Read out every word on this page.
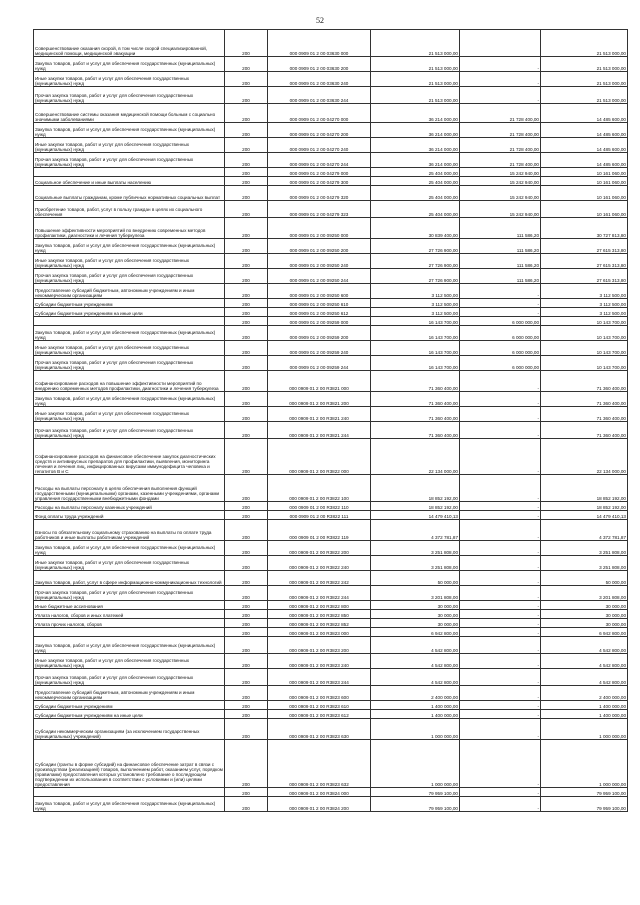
52
Совершенствование оказания скорой, в том числе скорой специализированной, медицинской помощи, медицинской эвакуации	200	000 0909 01 2 00 03630 000	21 513 000,00		21 513 000,00
Закупка товаров, работ и услуг для обеспечения государственных (муниципальных) нужд	200	000 0909 01 2 00 03630 200	21 513 000,00	-	21 513 000,00
Иные закупки товаров, работ и услуг для обеспечения государственных (муниципальных) нужд	200	000 0909 01 2 00 03630 240	21 513 000,00	-	21 513 000,00
Прочая закупка товаров, работ и услуг для обеспечения государственных (муниципальных) нужд	200	000 0909 01 2 00 03630 244	21 513 000,00	-	21 513 000,00
Совершенствование системы оказания медицинской помощи больным с социально значимыми заболеваниями	200	000 0909 01 2 00 04270 000	36 214 000,00	21 728 400,00	14 485 600,00
Закупка товаров, работ и услуг для обеспечения государственных (муниципальных) нужд	200	000 0909 01 2 00 04270 200	36 214 000,00	21 728 400,00	14 485 600,00
Иные закупки товаров, работ и услуг для обеспечения государственных (муниципальных) нужд	200	000 0909 01 2 00 04270 240	36 214 000,00	21 728 400,00	14 485 600,00
Прочая закупка товаров, работ и услуг для обеспечения государственных (муниципальных) нужд	200	000 0909 01 2 00 04270 244	36 214 000,00	21 728 400,00	14 485 600,00
	200	000 0909 01 2 00 04279 000	25 404 000,00	15 242 940,00	10 161 060,00
Социальное обеспечение и иные выплаты населению	200	000 0909 01 2 00 04279 300	25 404 000,00	15 242 940,00	10 161 060,00
Социальные выплаты гражданам, кроме публичных нормативных социальных выплат	200	000 0909 01 2 00 04279 320	25 404 000,00	15 242 940,00	10 161 060,00
Приобретение товаров, работ, услуг в пользу граждан в целях их социального обеспечения	200	000 0909 01 2 00 04279 323	25 404 000,00	15 242 940,00	10 161 060,00
Повышение эффективности мероприятий по внедрению современных методов профилактики, диагностики и лечения туберкулеза	200	000 0909 01 2 00 09250 000	30 839 400,00	111 586,20	30 727 813,80
Закупка товаров, работ и услуг для обеспечения государственных (муниципальных) нужд	200	000 0909 01 2 00 09250 200	27 726 900,00	111 586,20	27 615 313,80
Иные закупки товаров, работ и услуг для обеспечения государственных (муниципальных) нужд	200	000 0909 01 2 00 09250 240	27 726 900,00	111 586,20	27 615 313,80
Прочая закупка товаров, работ и услуг для обеспечения государственных (муниципальных) нужд	200	000 0909 01 2 00 09250 244	27 726 900,00	111 586,20	27 615 313,80
Предоставление субсидий бюджетным, автономным учреждениям и иным некоммерческим организациям	200	000 0909 01 2 00 09250 600	3 112 500,00	-	3 112 500,00
Субсидии бюджетным учреждениям	200	000 0909 01 2 00 09250 610	3 112 500,00	-	3 112 500,00
Субсидии бюджетным учреждениям на иные цели	200	000 0909 01 2 00 09250 612	3 112 500,00	-	3 112 500,00
	200	000 0909 01 2 00 09259 000	16 143 700,00	6 000 000,00	10 143 700,00
Закупка товаров, работ и услуг для обеспечения государственных (муниципальных) нужд	200	000 0909 01 2 00 09259 200	16 143 700,00	6 000 000,00	10 143 700,00
Иные закупки товаров, работ и услуг для обеспечения государственных (муниципальных) нужд	200	000 0909 01 2 00 09259 240	16 143 700,00	6 000 000,00	10 143 700,00
Прочая закупка товаров, работ и услуг для обеспечения государственных (муниципальных) нужд	200	000 0909 01 2 00 09259 244	16 143 700,00	6 000 000,00	10 143 700,00
Софинансирование расходов на повышение эффективности мероприятий по внедрению современных методов профилактики, диагностики и лечения туберкулеза	200	000 0909 01 2 00 R3821 000	71 360 400,00	-	71 360 400,00
Закупка товаров, работ и услуг для обеспечения государственных (муниципальных) нужд	200	000 0909 01 2 00 R3821 200	71 360 400,00	-	71 360 400,00
Иные закупки товаров, работ и услуг для обеспечения государственных (муниципальных) нужд	200	000 0909 01 2 00 R3821 240	71 360 400,00	-	71 360 400,00
Прочая закупка товаров, работ и услуг для обеспечения государственных (муниципальных) нужд	200	000 0909 01 2 00 R3821 244	71 360 400,00	-	71 360 400,00
Софинансирование расходов на финансовое обеспечение закупок диагностических средств и антивирусных препаратов для профилактики, выявления, мониторинга лечения и лечения лиц, инфицированных вирусами иммунодефицита человека и гепатитов В и С	200	000 0909 01 2 00 R3822 000	22 134 000,00	-	22 134 000,00
Расходы на выплаты персоналу в целях обеспечения выполнения функций государственными (муниципальными) органами, казенными учреждениями, органами управления государственными внебюджетными фондами	200	000 0909 01 2 00 R3822 100	18 852 192,00	-	18 852 192,00
Расходы на выплаты персоналу казенных учреждений	200	000 0909 01 2 00 R3822 110	18 852 192,00	-	18 852 192,00
Фонд оплаты труда учреждений	200	000 0909 01 2 00 R3822 111	14 479 410,13	-	14 479 410,13
Взносы по обязательному социальному страхованию на выплаты по оплате труда работников и иные выплаты работникам учреждений	200	000 0909 01 2 00 R3822 119	4 372 781,87	-	4 372 781,87
Закупка товаров, работ и услуг для обеспечения государственных (муниципальных) нужд	200	000 0909 01 2 00 R3822 200	3 251 808,00	-	3 251 808,00
Иные закупки товаров, работ и услуг для обеспечения государственных (муниципальных) нужд	200	000 0909 01 2 00 R3822 240	3 251 808,00	-	3 251 808,00
Закупка товаров, работ, услуг в сфере информационно-коммуникационных технологий	200	000 0909 01 2 00 R3822 242	50 000,00	-	50 000,00
Прочая закупка товаров, работ и услуг для обеспечения государственных (муниципальных) нужд	200	000 0909 01 2 00 R3822 244	3 201 808,00	-	3 201 808,00
Иные бюджетные ассигнования	200	000 0909 01 2 00 R3822 800	30 000,00	-	30 000,00
Уплата налогов, сборов и иных платежей	200	000 0909 01 2 00 R3822 850	30 000,00	-	30 000,00
Уплата прочих налогов, сборов	200	000 0909 01 2 00 R3822 852	30 000,00	-	30 000,00
	200	000 0909 01 2 00 R3823 000	6 942 800,00	-	6 942 800,00
Закупка товаров, работ и услуг для обеспечения государственных (муниципальных) нужд	200	000 0909 01 2 00 R3823 200	4 542 800,00	-	4 542 800,00
Иные закупки товаров, работ и услуг для обеспечения государственных (муниципальных) нужд	200	000 0909 01 2 00 R3823 240	4 542 800,00	-	4 542 800,00
Прочая закупка товаров, работ и услуг для обеспечения государственных (муниципальных) нужд	200	000 0909 01 2 00 R3823 244	4 542 800,00	-	4 542 800,00
Предоставление субсидий бюджетным, автономным учреждениям и иным некоммерческим организациям	200	000 0909 01 2 00 R3823 600	2 400 000,00	-	2 400 000,00
Субсидии бюджетным учреждениям	200	000 0909 01 2 00 R3823 610	1 400 000,00	-	1 400 000,00
Субсидии бюджетным учреждениям на иные цели	200	000 0909 01 2 00 R3823 612	1 400 000,00	-	1 400 000,00
Субсидии некоммерческим организациям (за исключением государственных (муниципальных) учреждений)	200	000 0909 01 2 00 R3823 630	1 000 000,00	-	1 000 000,00
Субсидии (гранты в форме субсидий) на финансовое обеспечение затрат в связи с производством (реализацией) товаров, выполнением работ, оказанием услуг, порядком (правилами) предоставления которых установлено требование о последующем подтверждении их использования в соответствии с условиями и (или) целями предоставления	200	000 0909 01 2 00 R3823 632	1 000 000,00	-	1 000 000,00
	200	000 0909 01 2 00 R3824 000	79 959 100,00	-	79 959 100,00
Закупка товаров, работ и услуг для обеспечения государственных (муниципальных) нужд	200	000 0909 01 2 00 R3824 200	79 959 100,00	-	79 959 100,00
